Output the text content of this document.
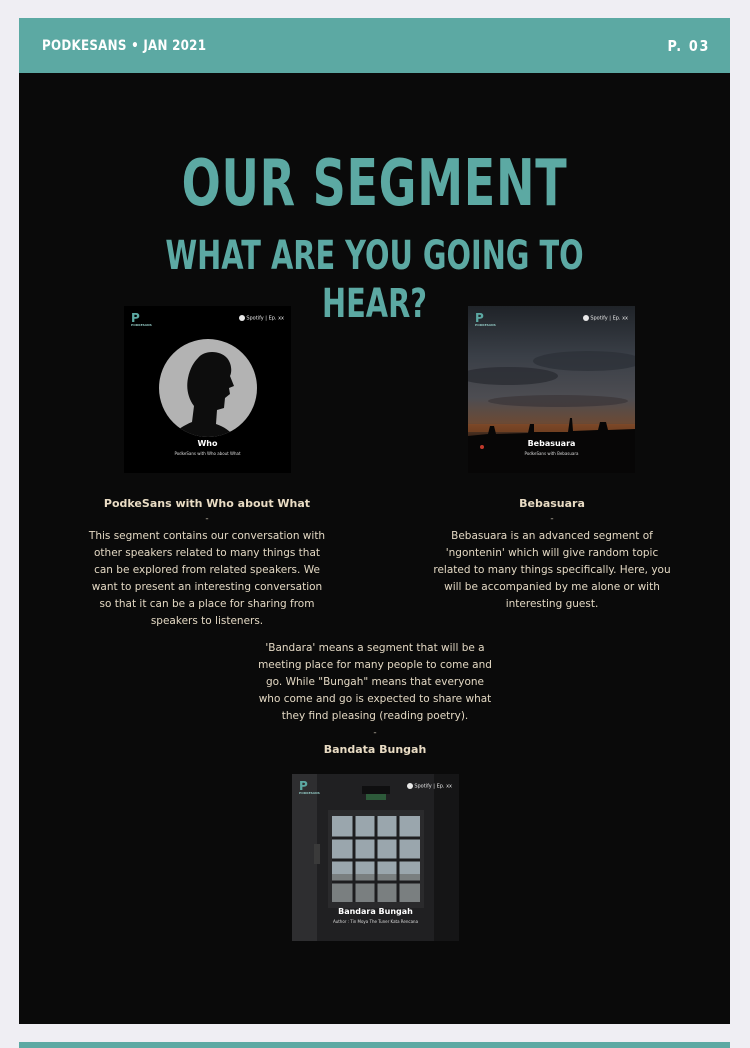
PODKESANS • JAN 2021	P. 03
OUR SEGMENT
WHAT ARE YOU GOING TO HEAR?
P
PODKESANS
Spotify | Ep. xx
Who
PodkeSans with Who about What
P
PODKESANS
Spotify | Ep. xx
Bebasuara
PodkeSans with Bebasuara
PodkeSans with Who about What
-
This segment contains our conversation with other speakers related to many things that can be explored from related speakers. We want to present an interesting conversation so that it can be a place for sharing from speakers to listeners.
Bebasuara
-
Bebasuara is an advanced segment of 'ngontenin' which will give random topic related to many things specifically. Here, you will be accompanied by me alone or with interesting guest.
'Bandara' means a segment that will be a meeting place for many people to come and go. While "Bungah" means that everyone who come and go is expected to share what they find pleasing (reading poetry).
-
Bandata Bungah
P
PODKESANS
Spotify | Ep. xx
Bandara Bungah
Author : Tin Moya The Tuner Kata Rencana
